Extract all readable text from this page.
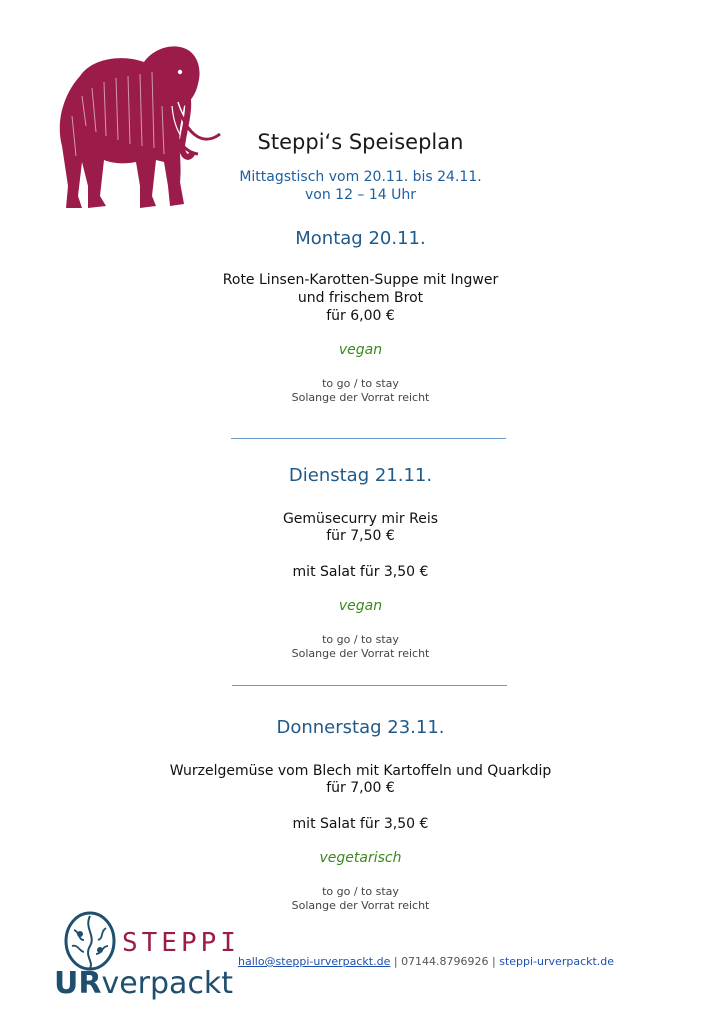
Steppi‘s Speiseplan
Mittagstisch vom 20.11. bis 24.11.
von 12 – 14 Uhr
Montag 20.11.
Rote Linsen-Karotten-Suppe mit Ingwer
und frischem Brot
für 6,00 €
vegan
to go / to stay
Solange der Vorrat reicht
Dienstag 21.11.
Gemüsecurry mir Reis
für 7,50 €
mit Salat für 3,50 €
vegan
to go / to stay
Solange der Vorrat reicht
Donnerstag 23.11.
Wurzelgemüse vom Blech mit Kartoffeln und Quarkdip
für 7,00 €
mit Salat für 3,50 €
vegetarisch
to go / to stay
Solange der Vorrat reicht
STEPPI
URverpackt
hallo@steppi-urverpackt.de | 07144.8796926 | steppi-urverpackt.de
